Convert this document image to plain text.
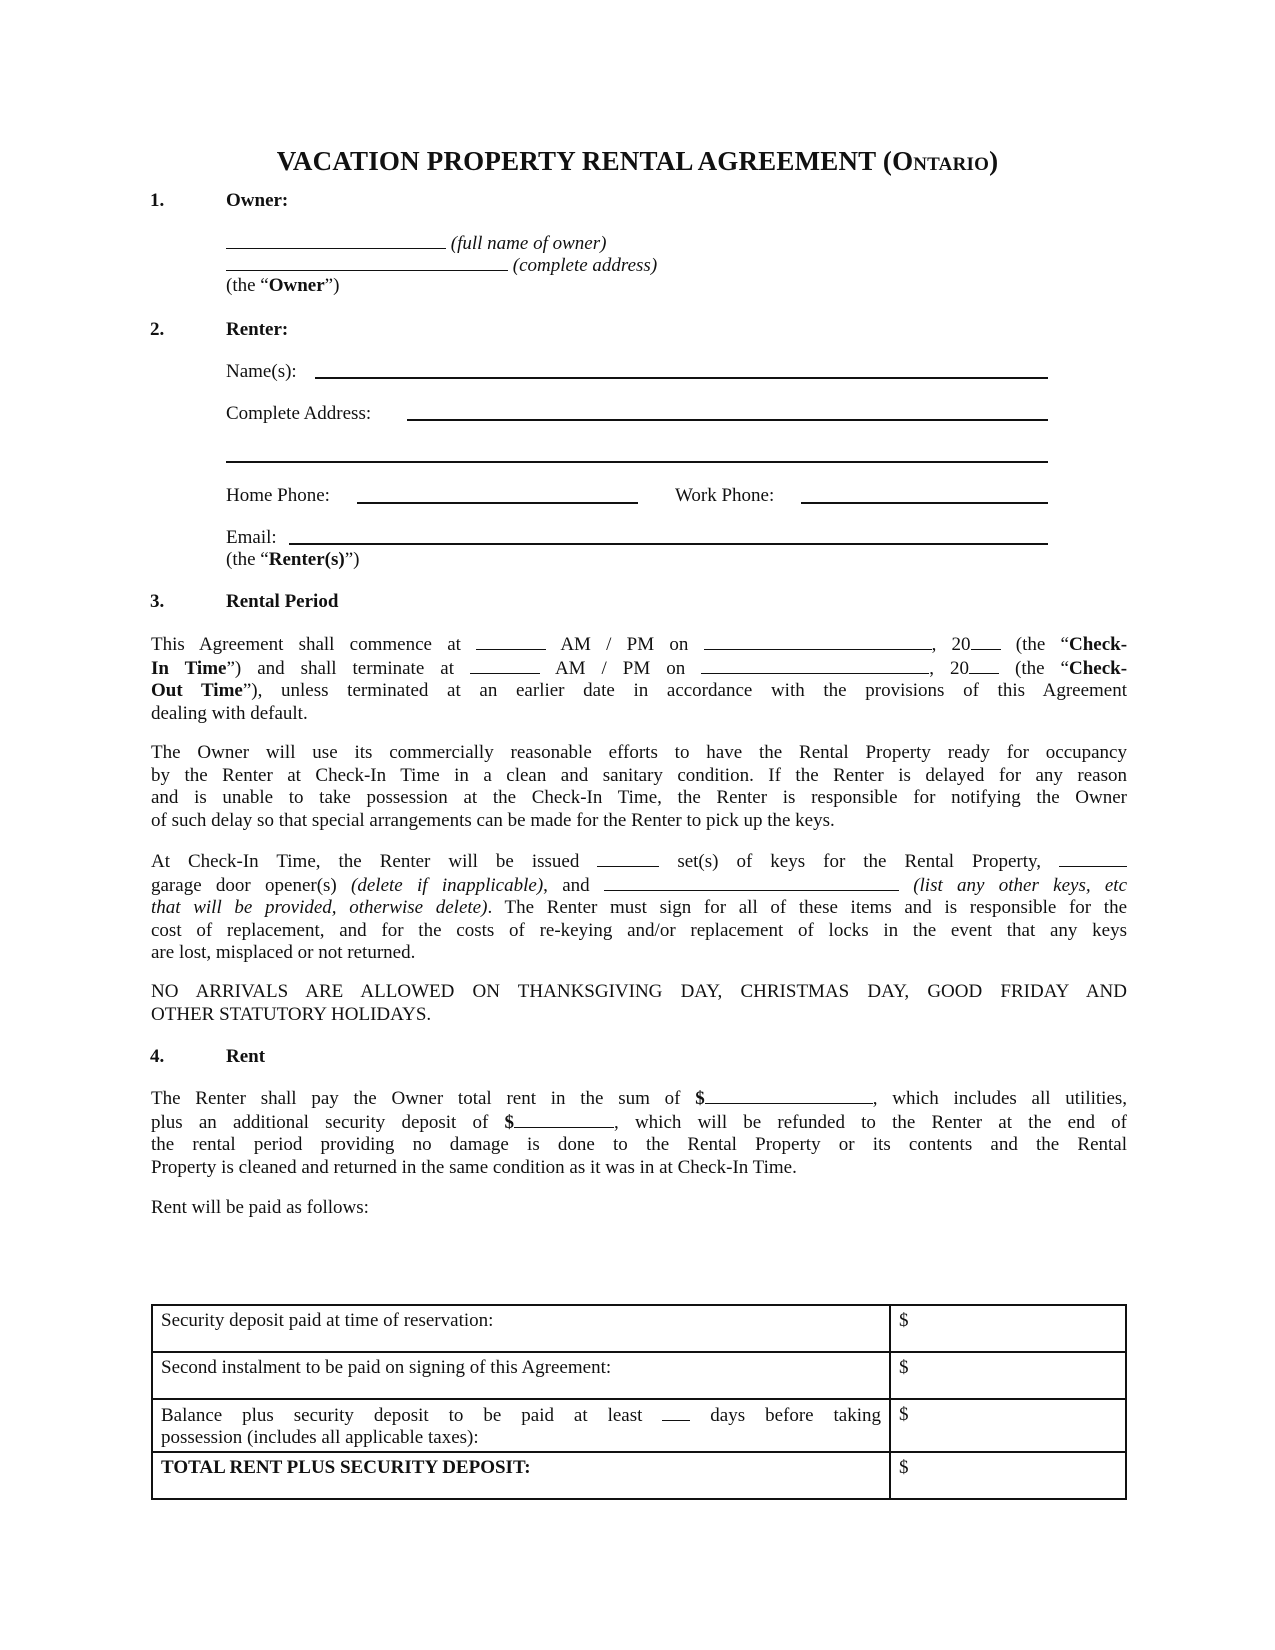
VACATION PROPERTY RENTAL AGREEMENT (Ontario)
1.	Owner:
(full name of owner)
(complete address)
(the “Owner”)
2.	Renter:
Name(s):
Complete Address:
Home Phone:	Work Phone:
Email:
(the “Renter(s)”)
3.	Rental Period
This Agreement shall commence at	AM / PM on	, 20 (the “Check-
In Time”) and shall terminate at	AM / PM on	, 20 (the “Check-
Out Time”), unless terminated at an earlier date in accordance with the provisions of this Agreement
dealing with default.
The Owner will use its commercially reasonable efforts to have the Rental Property ready for occupancy
by the Renter at Check-In Time in a clean and sanitary condition. If the Renter is delayed for any reason
and is unable to take possession at the Check-In Time, the Renter is responsible for notifying the Owner
of such delay so that special arrangements can be made for the Renter to pick up the keys.
At Check-In Time, the Renter will be issued	set(s) of keys for the Rental Property,
garage door opener(s) (delete if inapplicable), and	(list any other keys, etc
that will be provided, otherwise delete). The Renter must sign for all of these items and is responsible for the
cost of replacement, and for the costs of re-keying and/or replacement of locks in the event that any keys
are lost, misplaced or not returned.
NO ARRIVALS ARE ALLOWED ON THANKSGIVING DAY, CHRISTMAS DAY, GOOD FRIDAY AND
OTHER STATUTORY HOLIDAYS.
4.	Rent
The Renter shall pay the Owner total rent in the sum of $	, which includes all utilities,
plus an additional security deposit of $	, which will be refunded to the Renter at the end of
the rental period providing no damage is done to the Rental Property or its contents and the Rental
Property is cleaned and returned in the same condition as it was in at Check-In Time.
Rent will be paid as follows:
Security deposit paid at time of reservation:	$
Second instalment to be paid on signing of this Agreement:	$

Balance plus security deposit to be paid at least days before taking
possession (includes all applicable taxes):	$
TOTAL RENT PLUS SECURITY DEPOSIT:	$
